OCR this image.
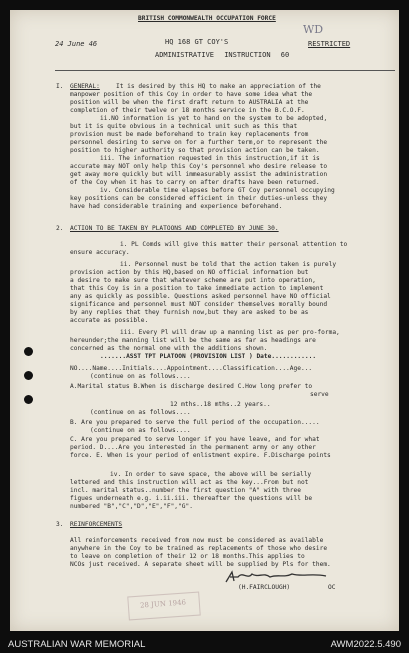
BRITISH COMMONWEALTH OCCUPATION FORCE
WD
24 June 46	HQ 168 GT COY'S	RESTRICTED
ADMINISTRATIVE INSTRUCTION 60
I. GENERAL:	It is desired by this HQ to make an appreciation of the
manpower position of this Coy in order to have some idea what the
position will be when the first draft return to AUSTRALIA at the
completion of their twelve or 18 months service in the B.C.O.F.
ii.NO information is yet to hand on the system to be adopted,
but it is quite obvious in a technical unit such as this that
provision must be made beforehand to train key replacements from
personnel desiring to serve on for a further term,or to represent the
position to higher authority so that provision action can be taken.
iii. The information requested in this instruction,if it is
accurate may NOT only help this Coy's personnel who desire release to
get away more quickly but will immeasurably assist the administration
of the Coy when it has to carry on after drafts have been returned.
iv. Considerable time elapses before GT Coy personnel occupying
key positions can be considered efficient in their duties-unless they
have had considerable training and experience beforehand.
2. ACTION TO BE TAKEN BY PLATOONS AND COMPLETED BY JUNE 30.
i. PL Comds will give this matter their personal attention to
ensure accuracy.
ii. Personnel must be told that the action taken is purely
provision action by this HQ,based on NO official information but
a desire to make sure that whatever scheme are put into operation,
that this Coy is in a position to take immediate action to implement
any as quickly as possible. Questions asked personnel have NO official
significance and personnel must NOT consider themselves morally bound
by any replies that they furnish now,but they are asked to be as
accurate as possible.
iii. Every Pl will draw up a manning list as per pro-forma,
hereunder;the manning list will be the same as far as headings are
concerned as the normal one with the additions shown.
.......ASST TPT PLATOON (PROVISION LIST ) Date............
NO....Name....Initials....Appointment....Classification....Age...
(continue on as follows....
A.Marital status B.When is discharge desired C.How long prefer to
serve
12 mths..18 mths..2 years..
(continue on as follows....
B. Are you prepared to serve the full period of the occupation.....
(continue on as follows....
C. Are you prepared to serve longer if you have leave, and for what
period. D....Are you interested in the permanent army or any other
force. E. When is your period of enlistment expire. F.Discharge points
iv. In order to save space, the above will be serially
lettered and this instruction will act as the key...From but not
incl. marital status..number the first question "A" with three
figues underneath e.g. i.ii.iii. thereafter the questions will be
numbered "B","C","D","E","F","G".
3. REINFORCEMENTS
All reinforcements received from now must be considered as available
anywhere in the Coy to be trained as replacements of those who desire
to leave on completion of their 12 or 18 months.This applies to
NCOs just received. A separate sheet will be supplied by Pls for them.
(H.FAIRCLOUGH)	OC
28 JUN 1946
AUSTRALIAN WAR MEMORIAL	AWM2022.5.490
